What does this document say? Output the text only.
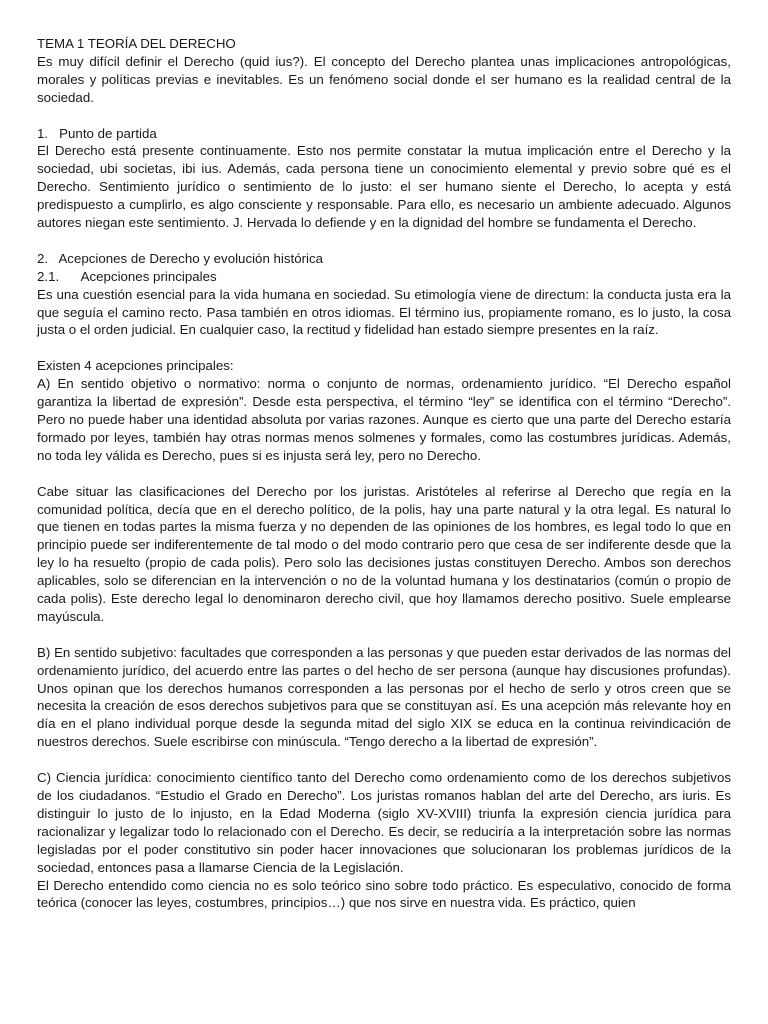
TEMA 1 TEORÍA DEL DERECHO

Es muy difícil definir el Derecho (quid ius?). El concepto del Derecho plantea unas implicaciones antropológicas, morales y políticas previas e inevitables. Es un fenómeno social donde el ser humano es la realidad central de la sociedad.

1.   Punto de partida

El Derecho está presente continuamente. Esto nos permite constatar la mutua implicación entre el Derecho y la sociedad, ubi societas, ibi ius. Además, cada persona tiene un conocimiento elemental y previo sobre qué es el Derecho. Sentimiento jurídico o sentimiento de lo justo: el ser humano siente el Derecho, lo acepta y está predispuesto a cumplirlo, es algo consciente y responsable. Para ello, es necesario un ambiente adecuado. Algunos autores niegan este sentimiento. J. Hervada lo defiende y en la dignidad del hombre se fundamenta el Derecho.

2.   Acepciones de Derecho y evolución histórica

2.1.      Acepciones principales

Es una cuestión esencial para la vida humana en sociedad. Su etimología viene de directum: la conducta justa era la que seguía el camino recto. Pasa también en otros idiomas. El término ius, propiamente romano, es lo justo, la cosa justa o el orden judicial. En cualquier caso, la rectitud y fidelidad han estado siempre presentes en la raíz.

Existen 4 acepciones principales:

A) En sentido objetivo o normativo: norma o conjunto de normas, ordenamiento jurídico. “El Derecho español garantiza la libertad de expresión”. Desde esta perspectiva, el término “ley” se identifica con el término “Derecho”. Pero no puede haber una identidad absoluta por varias razones. Aunque es cierto que una parte del Derecho estaría formado por leyes, también hay otras normas menos solmenes y formales, como las costumbres jurídicas. Además, no toda ley válida es Derecho, pues si es injusta será ley, pero no Derecho.

Cabe situar las clasificaciones del Derecho por los juristas. Aristóteles al referirse al Derecho que regía en la comunidad política, decía que en el derecho político, de la polis, hay una parte natural y la otra legal. Es natural lo que tienen en todas partes la misma fuerza y no dependen de las opiniones de los hombres, es legal todo lo que en principio puede ser indiferentemente de tal modo o del modo contrario pero que cesa de ser indiferente desde que la ley lo ha resuelto (propio de cada polis). Pero solo las decisiones justas constituyen Derecho. Ambos son derechos aplicables, solo se diferencian en la intervención o no de la voluntad humana y los destinatarios (común o propio de cada polis). Este derecho legal lo denominaron derecho civil, que hoy llamamos derecho positivo. Suele emplearse mayúscula.

B) En sentido subjetivo: facultades que corresponden a las personas y que pueden estar derivados de las normas del ordenamiento jurídico, del acuerdo entre las partes o del hecho de ser persona (aunque hay discusiones profundas). Unos opinan que los derechos humanos corresponden a las personas por el hecho de serlo y otros creen que se necesita la creación de esos derechos subjetivos para que se constituyan así. Es una acepción más relevante hoy en día en el plano individual porque desde la segunda mitad del siglo XIX se educa en la continua reivindicación de nuestros derechos. Suele escribirse con minúscula. “Tengo derecho a la libertad de expresión”.

C) Ciencia jurídica: conocimiento científico tanto del Derecho como ordenamiento como de los derechos subjetivos de los ciudadanos. “Estudio el Grado en Derecho”. Los juristas romanos hablan del arte del Derecho, ars iuris. Es distinguir lo justo de lo injusto, en la Edad Moderna (siglo XV-XVIII) triunfa la expresión ciencia jurídica para racionalizar y legalizar todo lo relacionado con el Derecho. Es decir, se reduciría a la interpretación sobre las normas legisladas por el poder constitutivo sin poder hacer innovaciones que solucionaran los problemas jurídicos de la sociedad, entonces pasa a llamarse Ciencia de la Legislación.

El Derecho entendido como ciencia no es solo teórico sino sobre todo práctico. Es especulativo, conocido de forma teórica (conocer las leyes, costumbres, principios…) que nos sirve en nuestra vida. Es práctico, quien
